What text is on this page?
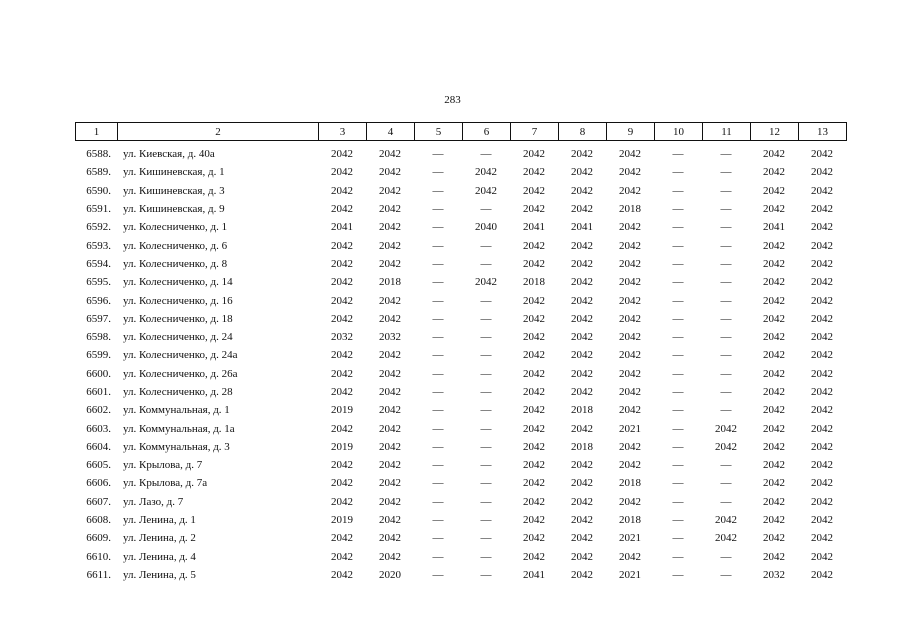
283
1	2	3	4	5	6	7	8	9	10	11	12	13
6588.	ул. Киевская, д. 40а	2042	2042	—	—	2042	2042	2042	—	—	2042	2042
6589.	ул. Кишиневская, д. 1	2042	2042	—	2042	2042	2042	2042	—	—	2042	2042
6590.	ул. Кишиневская, д. 3	2042	2042	—	2042	2042	2042	2042	—	—	2042	2042
6591.	ул. Кишиневская, д. 9	2042	2042	—	—	2042	2042	2018	—	—	2042	2042
6592.	ул. Колесниченко, д. 1	2041	2042	—	2040	2041	2041	2042	—	—	2041	2042
6593.	ул. Колесниченко, д. 6	2042	2042	—	—	2042	2042	2042	—	—	2042	2042
6594.	ул. Колесниченко, д. 8	2042	2042	—	—	2042	2042	2042	—	—	2042	2042
6595.	ул. Колесниченко, д. 14	2042	2018	—	2042	2018	2042	2042	—	—	2042	2042
6596.	ул. Колесниченко, д. 16	2042	2042	—	—	2042	2042	2042	—	—	2042	2042
6597.	ул. Колесниченко, д. 18	2042	2042	—	—	2042	2042	2042	—	—	2042	2042
6598.	ул. Колесниченко, д. 24	2032	2032	—	—	2042	2042	2042	—	—	2042	2042
6599.	ул. Колесниченко, д. 24а	2042	2042	—	—	2042	2042	2042	—	—	2042	2042
6600.	ул. Колесниченко, д. 26а	2042	2042	—	—	2042	2042	2042	—	—	2042	2042
6601.	ул. Колесниченко, д. 28	2042	2042	—	—	2042	2042	2042	—	—	2042	2042
6602.	ул. Коммунальная, д. 1	2019	2042	—	—	2042	2018	2042	—	—	2042	2042
6603.	ул. Коммунальная, д. 1а	2042	2042	—	—	2042	2042	2021	—	2042	2042	2042
6604.	ул. Коммунальная, д. 3	2019	2042	—	—	2042	2018	2042	—	2042	2042	2042
6605.	ул. Крылова, д. 7	2042	2042	—	—	2042	2042	2042	—	—	2042	2042
6606.	ул. Крылова, д. 7а	2042	2042	—	—	2042	2042	2018	—	—	2042	2042
6607.	ул. Лазо, д. 7	2042	2042	—	—	2042	2042	2042	—	—	2042	2042
6608.	ул. Ленина, д. 1	2019	2042	—	—	2042	2042	2018	—	2042	2042	2042
6609.	ул. Ленина, д. 2	2042	2042	—	—	2042	2042	2021	—	2042	2042	2042
6610.	ул. Ленина, д. 4	2042	2042	—	—	2042	2042	2042	—	—	2042	2042
6611.	ул. Ленина, д. 5	2042	2020	—	—	2041	2042	2021	—	—	2032	2042
